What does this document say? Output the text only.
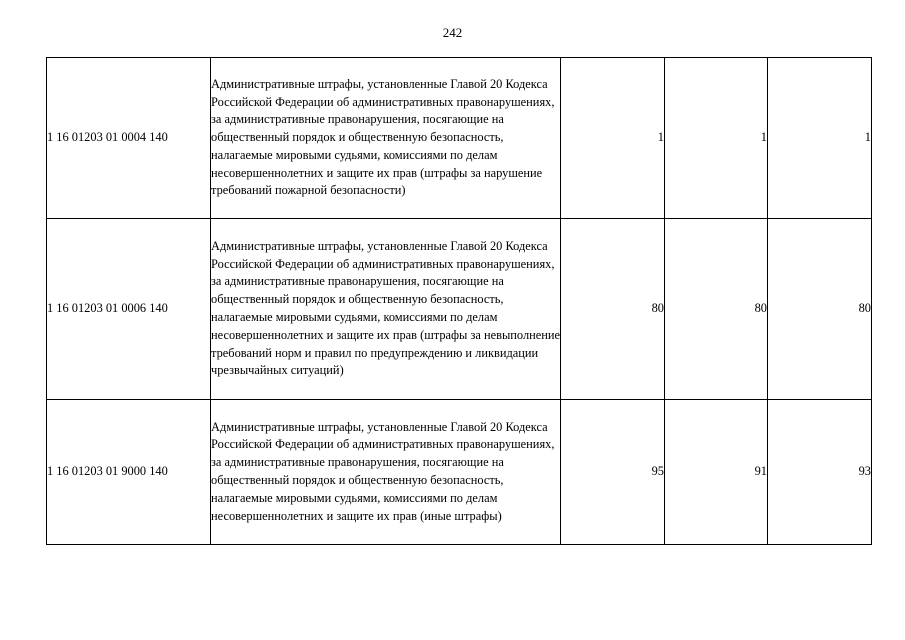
242
1 16 01203 01 0004 140	Административные штрафы, установленные Главой 20 Кодекса Российской Федерации об административных правонарушениях, за административные правонарушения, посягающие на общественный порядок и общественную безопасность, налагаемые мировыми судьями, комиссиями по делам несовершеннолетних и защите их прав (штрафы за нарушение требований пожарной безопасности)	1	1	1
1 16 01203 01 0006 140	Административные штрафы, установленные Главой 20 Кодекса Российской Федерации об административных правонарушениях, за административные правонарушения, посягающие на общественный порядок и общественную безопасность, налагаемые мировыми судьями, комиссиями по делам несовершеннолетних и защите их прав (штрафы за невыполнение требований норм и правил по предупреждению и ликвидации чрезвычайных ситуаций)	80	80	80
1 16 01203 01 9000 140	Административные штрафы, установленные Главой 20 Кодекса Российской Федерации об административных правонарушениях, за административные правонарушения, посягающие на общественный порядок и общественную безопасность, налагаемые мировыми судьями, комиссиями по делам несовершеннолетних и защите их прав (иные штрафы)	95	91	93
